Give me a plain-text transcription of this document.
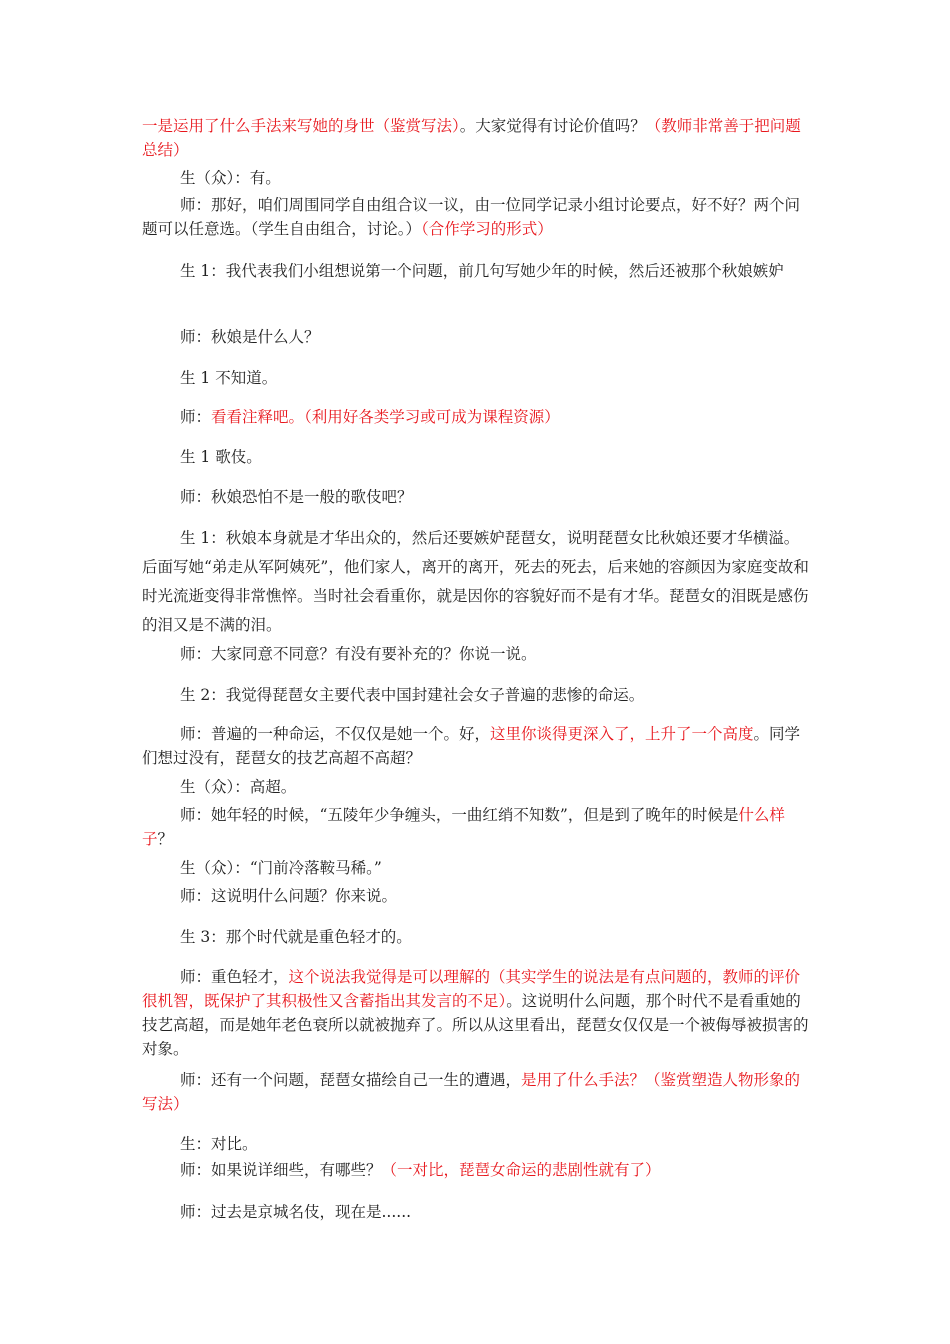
一是运用了什么手法来写她的身世（鉴赏写法）。大家觉得有讨论价值吗？（教师非常善于把问题总结）

生（众）：有。

师：那好，咱们周围同学自由组合议一议，由一位同学记录小组讨论要点，好不好？两个问题可以任意选。（学生自由组合，讨论。）（合作学习的形式）

生 1：我代表我们小组想说第一个问题，前几句写她少年的时候，然后还被那个秋娘嫉妒

师：秋娘是什么人？

生 1 不知道。

师：看看注释吧。（利用好各类学习或可成为课程资源）

生 1 歌伎。

师：秋娘恐怕不是一般的歌伎吧？

生 1：秋娘本身就是才华出众的，然后还要嫉妒琵琶女，说明琵琶女比秋娘还要才华横溢。后面写她“弟走从军阿姨死”，他们家人，离开的离开，死去的死去，后来她的容颜因为家庭变故和时光流逝变得非常憔悴。当时社会看重你，就是因你的容貌好而不是有才华。琵琶女的泪既是感伤的泪又是不满的泪。

师：大家同意不同意？有没有要补充的？你说一说。

生 2：我觉得琵琶女主要代表中国封建社会女子普遍的悲惨的命运。

师：普遍的一种命运，不仅仅是她一个。好，这里你谈得更深入了，上升了一个高度。同学们想过没有，琵琶女的技艺高超不高超？

生（众）：高超。

师：她年轻的时候，“五陵年少争缠头，一曲红绡不知数”，但是到了晚年的时候是什么样子？

生（众）：“门前冷落鞍马稀。”

师：这说明什么问题？你来说。

生 3：那个时代就是重色轻才的。

师：重色轻才，这个说法我觉得是可以理解的（其实学生的说法是有点问题的，教师的评价很机智，既保护了其积极性又含蓄指出其发言的不足）。这说明什么问题，那个时代不是看重她的技艺高超，而是她年老色衰所以就被抛弃了。所以从这里看出，琵琶女仅仅是一个被侮辱被损害的对象。

师：还有一个问题，琵琶女描绘自己一生的遭遇，是用了什么手法？（鉴赏塑造人物形象的写法）

生：对比。

师：如果说详细些，有哪些？（一对比，琵琶女命运的悲剧性就有了）

师：过去是京城名伎，现在是......
